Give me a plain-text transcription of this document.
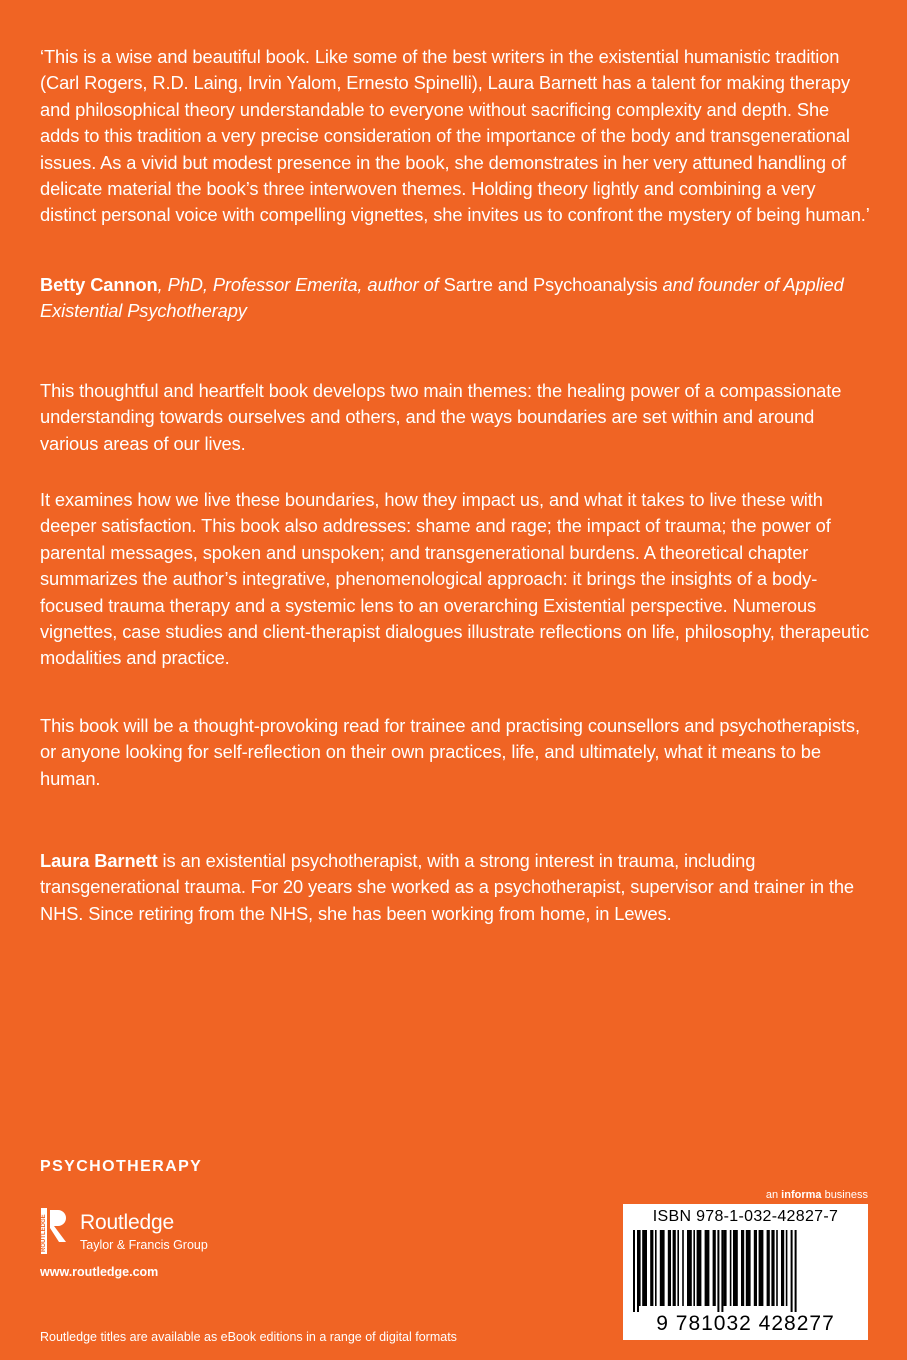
‘This is a wise and beautiful book. Like some of the best writers in the existential humanistic tradition (Carl Rogers, R.D. Laing, Irvin Yalom, Ernesto Spinelli), Laura Barnett has a talent for making therapy and philosophical theory understandable to everyone without sacrificing complexity and depth. She adds to this tradition a very precise consideration of the importance of the body and transgenerational issues. As a vivid but modest presence in the book, she demonstrates in her very attuned handling of delicate material the book’s three interwoven themes. Holding theory lightly and combining a very distinct personal voice with compelling vignettes, she invites us to confront the mystery of being human.’

Betty Cannon, PhD, Professor Emerita, author of Sartre and Psychoanalysis and founder of Applied Existential Psychotherapy

This thoughtful and heartfelt book develops two main themes: the healing power of a compassionate understanding towards ourselves and others, and the ways boundaries are set within and around various areas of our lives.

It examines how we live these boundaries, how they impact us, and what it takes to live these with deeper satisfaction. This book also addresses: shame and rage; the impact of trauma; the power of parental messages, spoken and unspoken; and transgenerational burdens. A theoretical chapter summarizes the author’s integrative, phenomenological approach: it brings the insights of a body-focused trauma therapy and a systemic lens to an overarching Existential perspective. Numerous vignettes, case studies and client-therapist dialogues illustrate reflections on life, philosophy, therapeutic modalities and practice.

This book will be a thought-provoking read for trainee and practising counsellors and psychotherapists, or anyone looking for self-reflection on their own practices, life, and ultimately, what it means to be human.

Laura Barnett is an existential psychotherapist, with a strong interest in trauma, including transgenerational trauma. For 20 years she worked as a psychotherapist, supervisor and trainer in the NHS. Since retiring from the NHS, she has been working from home, in Lewes.

PSYCHOTHERAPY

ROUTLEDGE Routledge

Taylor & Francis Group

www.routledge.com

Routledge titles are available as eBook editions in a range of digital formats

an informa business

ISBN 978-1-032-42827-7

9 781032 428277
